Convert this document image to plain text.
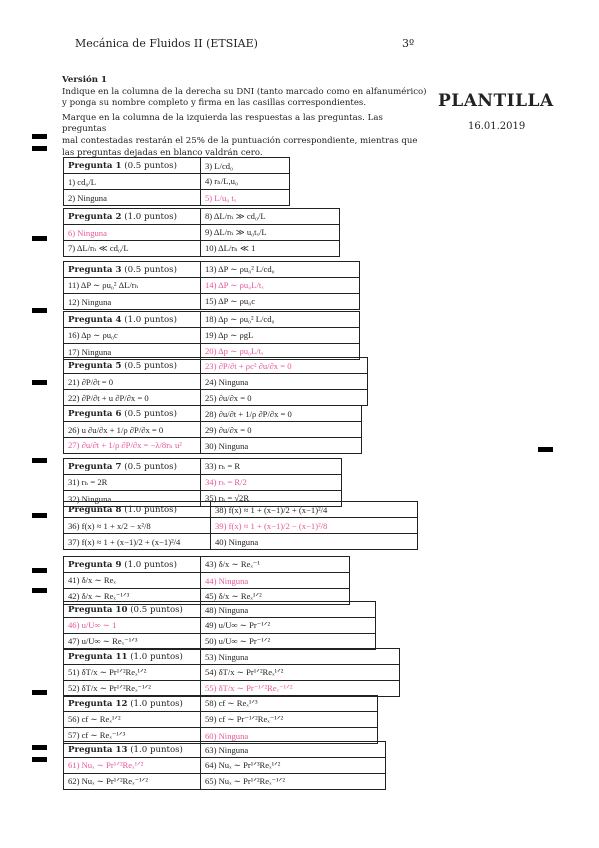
Mecánica de Fluidos II (ETSIAE)	3º
Versión 1
Indique en la columna de la derecha su DNI (tanto marcado como en alfanumérico)
y ponga su nombre completo y firma en las casillas correspondientes.
Marque en la columna de la izquierda las respuestas a las preguntas. Las preguntas
mal contestadas restarán el 25% de la puntuación correspondiente, mientras que
las preguntas dejadas en blanco valdrán cero.
PLANTILLA
16.01.2019
Pregunta 1 (0.5 puntos)	3) L/cd₀
1) cd₀/L	4) rₕ/L,u₀
2) Ninguna	5) L/u₀ tₓ
Pregunta 2 (1.0 puntos)	8) ΔL/rₕ ≫ cd₀/L
6) Ninguna	9) ΔL/rₕ ≫ u₀tₓ/L
7) ΔL/rₕ ≪ cd₀/L	10) ΔL/rₕ ≪ 1
Pregunta 3 (0.5 puntos)	13) ΔP ∼ ρu₀² L/cd₀
11) ΔP ∼ ρu₀² ΔL/rₕ	14) ΔP ∼ ρu₀L/tₓ
12) Ninguna	15) ΔP ∼ ρu₀c
Pregunta 4 (1.0 puntos)	18) Δp ∼ ρu₀² L/cd₀
16) Δp ∼ ρu₀c	19) Δp ∼ ρgL
17) Ninguna	20) Δp ∼ ρu₀L/tₓ
Pregunta 5 (0.5 puntos)	23) ∂P/∂t + ρc² ∂u/∂x = 0
21) ∂P/∂t = 0	24) Ninguna
22) ∂P/∂t + u ∂P/∂x = 0	25) ∂u/∂x = 0
Pregunta 6 (0.5 puntos)	28) ∂u/∂t + 1/ρ ∂P/∂x = 0
26) u ∂u/∂x + 1/ρ ∂P/∂x = 0	29) ∂u/∂x = 0
27) ∂u/∂t + 1/ρ ∂P/∂x = −λ/8rₕ u²	30) Ninguna
Pregunta 7 (0.5 puntos)	33) rₕ = R
31) rₕ = 2R	34) rₕ = R/2
32) Ninguna	35) rₕ = √2R
Pregunta 8 (1.0 puntos)	38) f(x) ≈ 1 + (x−1)/2 + (x−1)²/4
36) f(x) ≈ 1 + x/2 − x²/8	39) f(x) ≈ 1 + (x−1)/2 − (x−1)²/8
37) f(x) ≈ 1 + (x−1)/2 + (x−1)²/4	40) Ninguna
Pregunta 9 (1.0 puntos)	43) δ/x ∼ Reₓ⁻¹
41) δ/x ∼ Reₓ	44) Ninguna
42) δ/x ∼ Reₓ⁻¹ᐟ³	45) δ/x ∼ Reₓ¹ᐟ²
Pregunta 10 (0.5 puntos)	48) Ninguna
46) u/U∞ ∼ 1	49) u/U∞ ∼ Pr⁻¹ᐟ²
47) u/U∞ ∼ Reₓ⁻¹ᐟ³	50) u/U∞ ∼ Pr⁻¹ᐟ²
Pregunta 11 (1.0 puntos)	53) Ninguna
51) δT/x ∼ Pr¹ᐟ²Reₓ¹ᐟ²	54) δT/x ∼ Pr¹ᐟ²Reₓ¹ᐟ²
52) δT/x ∼ Pr¹ᐟ²Reₓ⁻¹ᐟ²	55) δT/x ∼ Pr⁻¹ᐟ²Reₓ⁻¹ᐟ²
Pregunta 12 (1.0 puntos)	58) cf ∼ Reₓ¹ᐟ³
56) cf ∼ Reₓ¹ᐟ²	59) cf ∼ Pr⁻¹ᐟ²Reₓ⁻¹ᐟ²
57) cf ∼ Reₓ⁻¹ᐟ³	60) Ninguna
Pregunta 13 (1.0 puntos)	63) Ninguna
61) Nuₓ ∼ Pr¹ᐟ²Reₓ¹ᐟ²	64) Nuₓ ∼ Pr¹ᐟ³Reₓ¹ᐟ²
62) Nuₓ ∼ Pr¹ᐟ²Reₓ⁻¹ᐟ²	65) Nuₓ ∼ Pr¹ᐟ²Reₓ⁻¹ᐟ²
